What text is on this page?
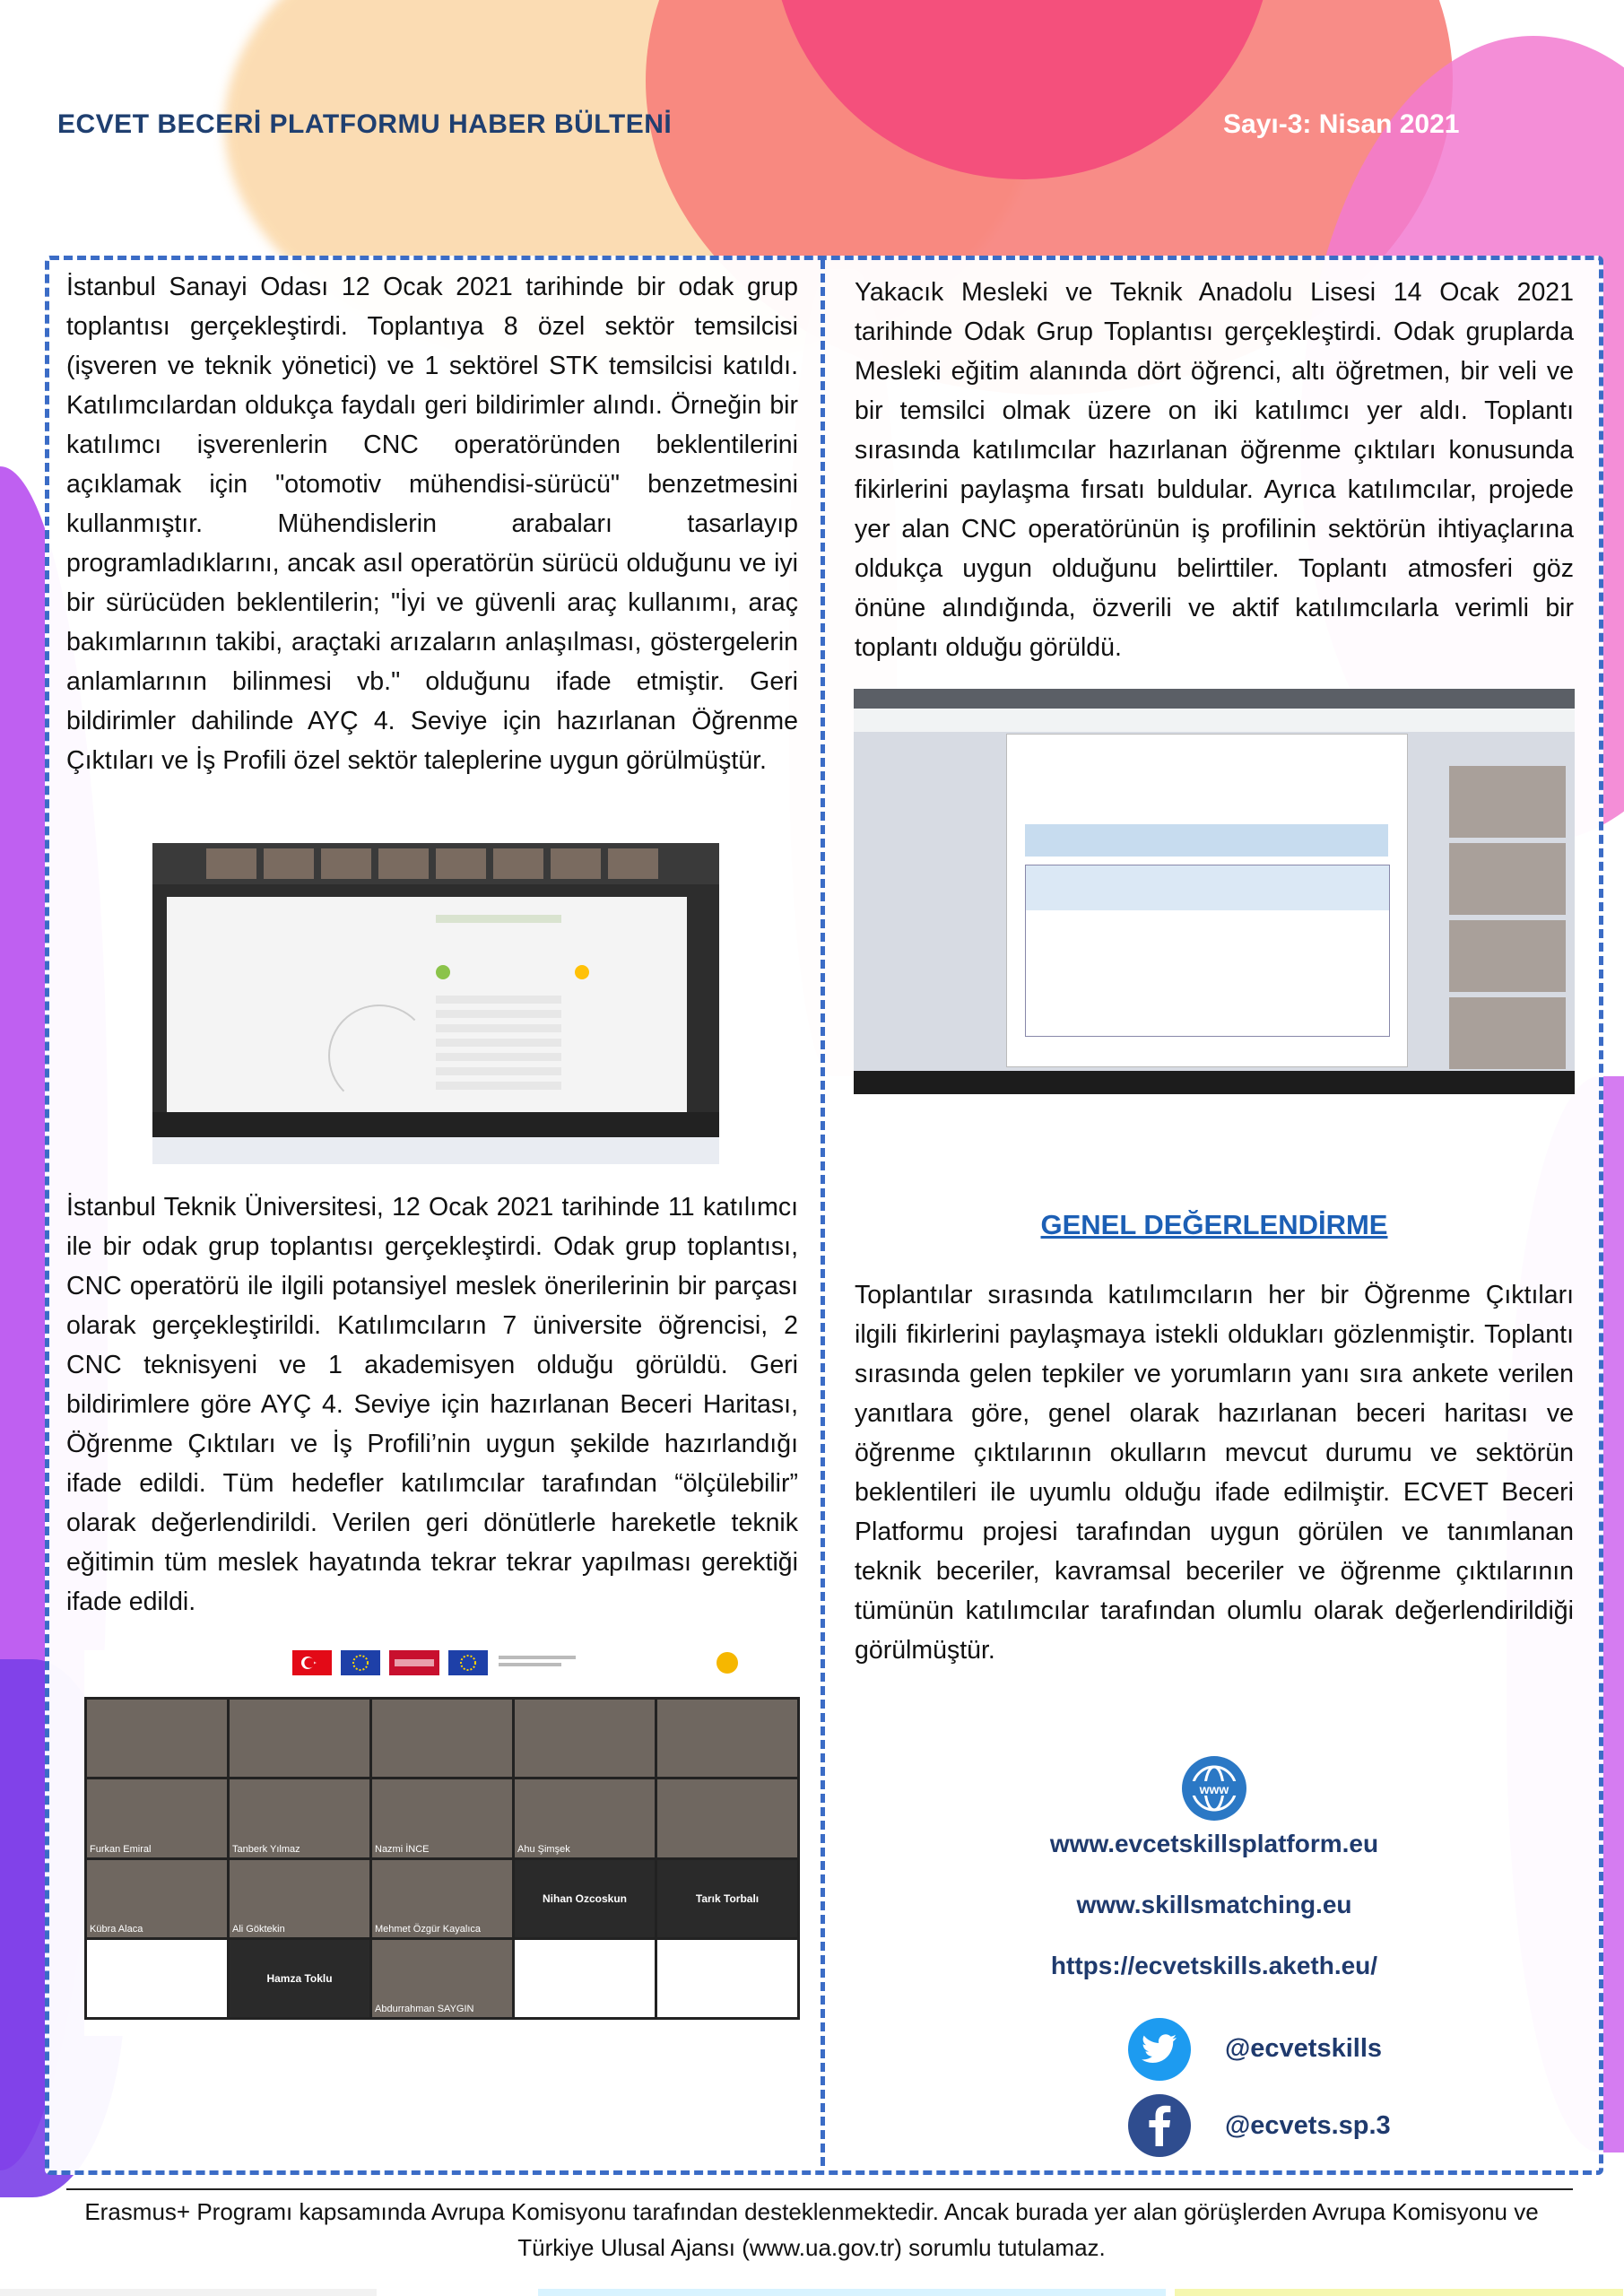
ECVET BECERİ PLATFORMU HABER BÜLTENİ	Sayı-3: Nisan 2021
İstanbul Sanayi Odası 12 Ocak 2021 tarihinde bir odak grup toplantısı gerçekleştirdi. Toplantıya 8 özel sektör temsilcisi (işveren ve teknik yönetici) ve 1 sektörel STK temsilcisi katıldı. Katılımcılardan oldukça faydalı geri bildirimler alındı. Örneğin bir katılımcı işverenlerin CNC operatöründen beklentilerini açıklamak için "otomotiv mühendisi-sürücü" benzetmesini kullanmıştır. Mühendislerin arabaları tasarlayıp programladıklarını, ancak asıl operatörün sürücü olduğunu ve iyi bir sürücüden beklentilerin; "İyi ve güvenli araç kullanımı, araç bakımlarının takibi, araçtaki arızaların anlaşılması, göstergelerin anlamlarının bilinmesi vb." olduğunu ifade etmiştir. Geri bildirimler dahilinde AYÇ 4. Seviye için hazırlanan Öğrenme Çıktıları ve İş Profili özel sektör taleplerine uygun görülmüştür.
İstanbul Teknik Üniversitesi, 12 Ocak 2021 tarihinde 11 katılımcı ile bir odak grup toplantısı gerçekleştirdi. Odak grup toplantısı, CNC operatörü ile ilgili potansiyel meslek önerilerinin bir parçası olarak gerçekleştirildi. Katılımcıların 7 üniversite öğrencisi, 2 CNC teknisyeni ve 1 akademisyen olduğu görüldü. Geri bildirimlere göre AYÇ 4. Seviye için hazırlanan Beceri Haritası, Öğrenme Çıktıları ve İş Profili’nin uygun şekilde hazırlandığı ifade edildi. Tüm hedefler katılımcılar tarafından “ölçülebilir” olarak değerlendirildi. Verilen geri dönütlerle hareketle teknik eğitimin tüm meslek hayatında tekrar tekrar yapılması gerektiği ifade edildi.
Furkan Emiral	Tanberk Yılmaz	Nazmi İNCE	Ahu Şimşek
Kübra Alaca	Ali Göktekin	Mehmet Özgür Kayalıca
Nihan Ozcoskun	Tarık Torbalı
Hamza Toklu
Abdurrahman SAYGIN
Yakacık Mesleki ve Teknik Anadolu Lisesi 14 Ocak 2021 tarihinde Odak Grup Toplantısı gerçekleştirdi. Odak gruplarda Mesleki eğitim alanında dört öğrenci, altı öğretmen, bir veli ve bir temsilci olmak üzere on iki katılımcı yer aldı. Toplantı sırasında katılımcılar hazırlanan öğrenme çıktıları konusunda fikirlerini paylaşma fırsatı buldular. Ayrıca katılımcılar, projede yer alan CNC operatörünün iş profilinin sektörün ihtiyaçlarına oldukça uygun olduğunu belirttiler. Toplantı atmosferi göz önüne alındığında, özverili ve aktif katılımcılarla verimli bir toplantı olduğu görüldü.
GENEL DEĞERLENDİRME
Toplantılar sırasında katılımcıların her bir Öğrenme Çıktıları ilgili fikirlerini paylaşmaya istekli oldukları gözlenmiştir. Toplantı sırasında gelen tepkiler ve yorumların yanı sıra ankete verilen yanıtlara göre, genel olarak hazırlanan beceri haritası ve öğrenme çıktılarının okulların mevcut durumu ve sektörün beklentileri ile uyumlu olduğu ifade edilmiştir. ECVET Beceri Platformu projesi tarafından uygun görülen ve tanımlanan teknik beceriler, kavramsal beceriler ve öğrenme çıktılarının tümünün katılımcılar tarafından olumlu olarak değerlendirildiği görülmüştür.
www
www.evcetskillsplatform.eu
www.skillsmatching.eu
https://ecvetskills.aketh.eu/
@ecvetskills
@ecvets.sp.3
Erasmus+ Programı kapsamında Avrupa Komisyonu tarafından desteklenmektedir. Ancak burada yer alan görüşlerden Avrupa Komisyonu ve Türkiye Ulusal Ajansı (www.ua.gov.tr) sorumlu tutulamaz.
